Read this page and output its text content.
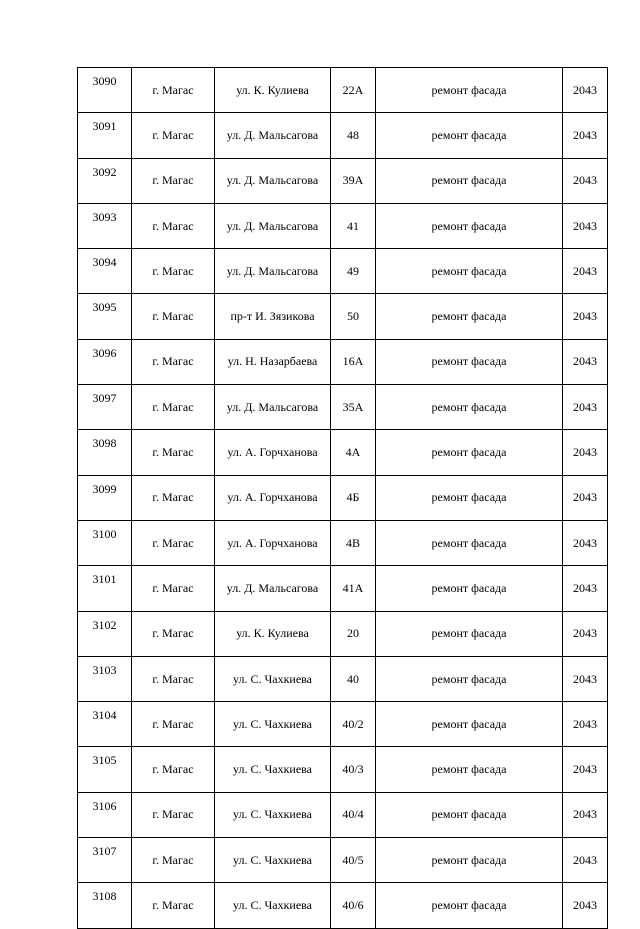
3090	г. Магас	ул. К. Кулиева	22А	ремонт фасада	2043
3091	г. Магас	ул. Д. Мальсагова	48	ремонт фасада	2043
3092	г. Магас	ул. Д. Мальсагова	39А	ремонт фасада	2043
3093	г. Магас	ул. Д. Мальсагова	41	ремонт фасада	2043
3094	г. Магас	ул. Д. Мальсагова	49	ремонт фасада	2043
3095	г. Магас	пр-т И. Зязикова	50	ремонт фасада	2043
3096	г. Магас	ул. Н. Назарбаева	16А	ремонт фасада	2043
3097	г. Магас	ул. Д. Мальсагова	35А	ремонт фасада	2043
3098	г. Магас	ул. А. Горчханова	4А	ремонт фасада	2043
3099	г. Магас	ул. А. Горчханова	4Б	ремонт фасада	2043
3100	г. Магас	ул. А. Горчханова	4В	ремонт фасада	2043
3101	г. Магас	ул. Д. Мальсагова	41А	ремонт фасада	2043
3102	г. Магас	ул. К. Кулиева	20	ремонт фасада	2043
3103	г. Магас	ул. С. Чахкиева	40	ремонт фасада	2043
3104	г. Магас	ул. С. Чахкиева	40/2	ремонт фасада	2043
3105	г. Магас	ул. С. Чахкиева	40/3	ремонт фасада	2043
3106	г. Магас	ул. С. Чахкиева	40/4	ремонт фасада	2043
3107	г. Магас	ул. С. Чахкиева	40/5	ремонт фасада	2043
3108	г. Магас	ул. С. Чахкиева	40/6	ремонт фасада	2043
